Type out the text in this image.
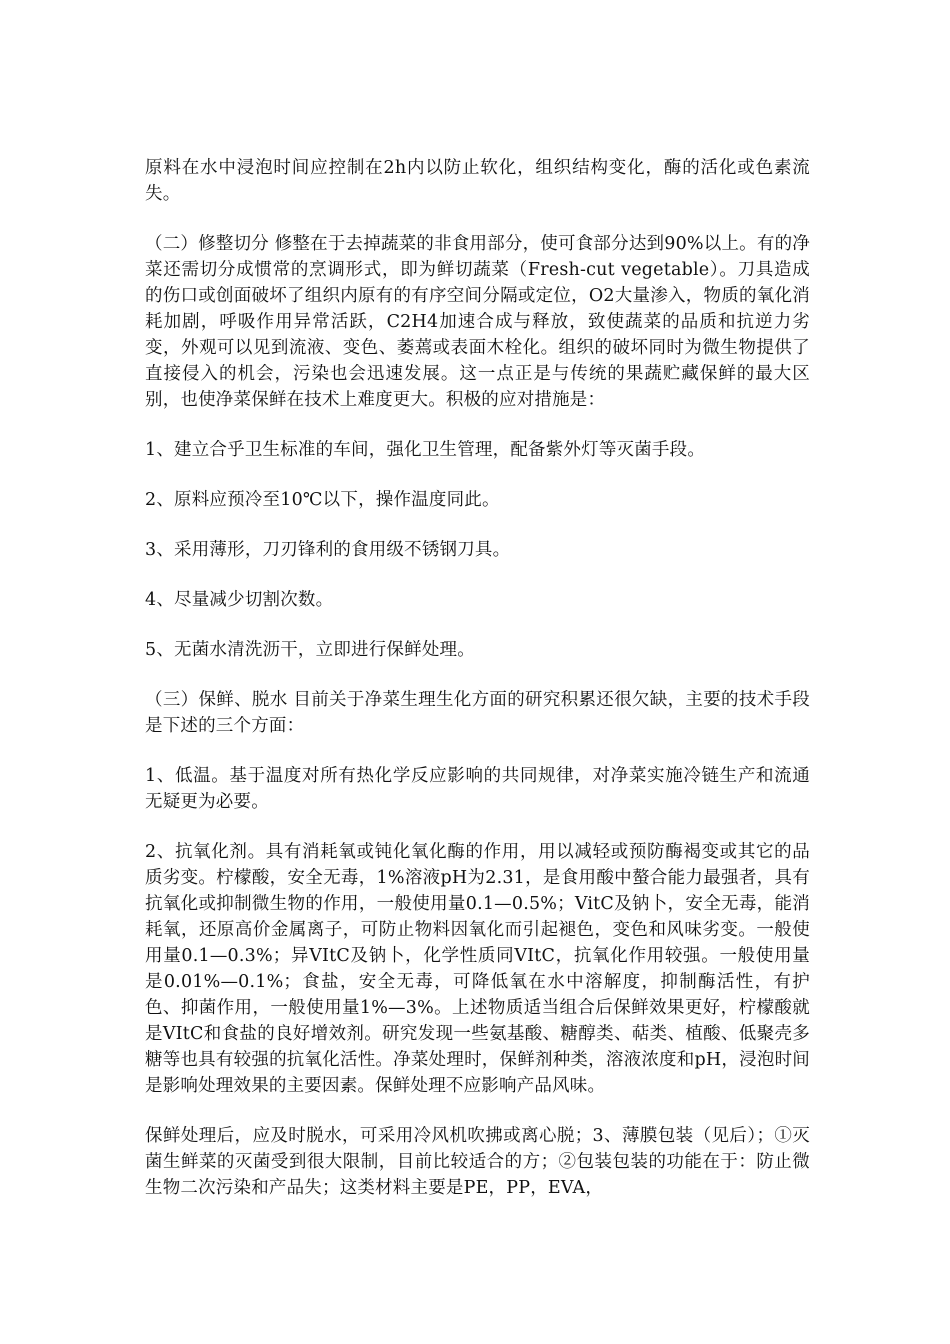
原料在水中浸泡时间应控制在2h内以防止软化，组织结构变化，酶的活化或色素流失。

（二）修整切分 修整在于去掉蔬菜的非食用部分，使可食部分达到90%以上。有的净菜还需切分成惯常的烹调形式，即为鲜切蔬菜（Fresh-cut vegetable）。刀具造成的伤口或创面破坏了组织内原有的有序空间分隔或定位，O2大量渗入，物质的氧化消耗加剧，呼吸作用异常活跃，C2H4加速合成与释放，致使蔬菜的品质和抗逆力劣变，外观可以见到流液、变色、萎蔫或表面木栓化。组织的破坏同时为微生物提供了直接侵入的机会，污染也会迅速发展。这一点正是与传统的果蔬贮藏保鲜的最大区别，也使净菜保鲜在技术上难度更大。积极的应对措施是：

1、建立合乎卫生标准的车间，强化卫生管理，配备紫外灯等灭菌手段。

2、原料应预冷至10℃以下，操作温度同此。

3、采用薄形，刀刃锋利的食用级不锈钢刀具。

4、尽量减少切割次数。

5、无菌水清洗沥干，立即进行保鲜处理。

（三）保鲜、脱水 目前关于净菜生理生化方面的研究积累还很欠缺，主要的技术手段是下述的三个方面：

1、低温。基于温度对所有热化学反应影响的共同规律，对净菜实施冷链生产和流通无疑更为必要。

2、抗氧化剂。具有消耗氧或钝化氧化酶的作用，用以减轻或预防酶褐变或其它的品质劣变。柠檬酸，安全无毒，1%溶液pH为2.31，是食用酸中螯合能力最强者，具有抗氧化或抑制微生物的作用，一般使用量0.1—0.5%；VitC及钠卜，安全无毒，能消耗氧，还原高价金属离子，可防止物料因氧化而引起褪色，变色和风味劣变。一般使用量0.1—0.3%；异VItC及钠卜，化学性质同VItC，抗氧化作用较强。一般使用量是0.01%—0.1%；食盐，安全无毒，可降低氧在水中溶解度，抑制酶活性，有护色、抑菌作用，一般使用量1%—3%。上述物质适当组合后保鲜效果更好，柠檬酸就是VItC和食盐的良好增效剂。研究发现一些氨基酸、糖醇类、萜类、植酸、低聚壳多糖等也具有较强的抗氧化活性。净菜处理时，保鲜剂种类，溶液浓度和pH，浸泡时间是影响处理效果的主要因素。保鲜处理不应影响产品风味。

保鲜处理后，应及时脱水，可采用冷风机吹拂或离心脱；3、薄膜包装（见后）；①灭菌生鲜菜的灭菌受到很大限制，目前比较适合的方；②包装包装的功能在于：防止微生物二次污染和产品失；这类材料主要是PE，PP，EVA，
